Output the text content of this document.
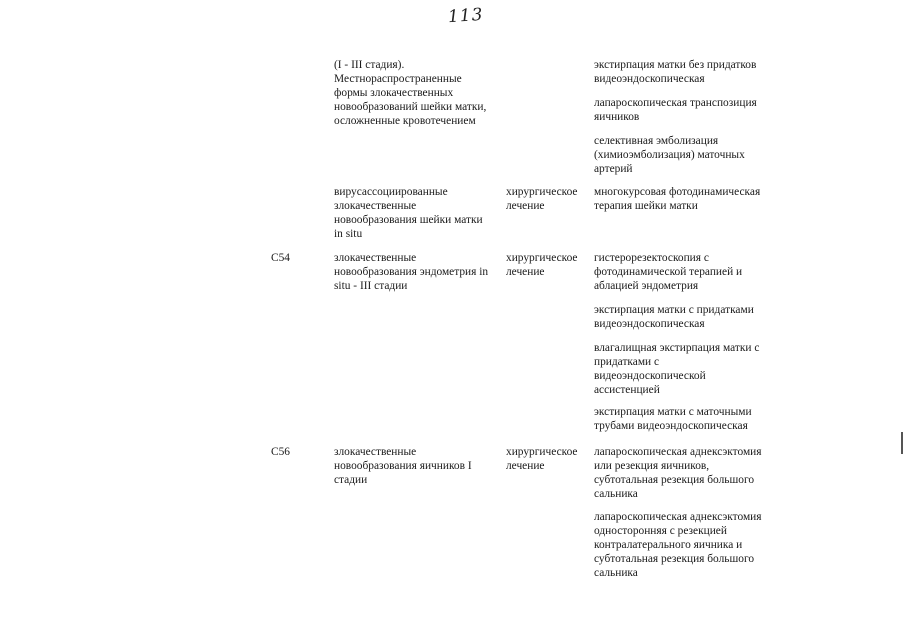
113
(I - III стадия).
Местнораспространенные
формы злокачественных
новообразований шейки матки,
осложненные кровотечением
экстирпация матки без придатков
видеоэндоскопическая
лапароскопическая транспозиция
яичников
селективная эмболизация
(химиоэмболизация) маточных
артерий
вирусассоциированные
злокачественные
новообразования шейки матки
in situ
хирургическое
лечение
многокурсовая фотодинамическая
терапия шейки матки
C54	злокачественные
новообразования эндометрия in
situ - III стадии
хирургическое
лечение
гистерорезектоскопия с
фотодинамической терапией и
аблацией эндометрия
экстирпация матки с придатками
видеоэндоскопическая
влагалищная экстирпация матки с
придатками с
видеоэндоскопической
ассистенцией
экстирпация матки с маточными
трубами видеоэндоскопическая
C56	злокачественные
новообразования яичников I
стадии
хирургическое
лечение
лапароскопическая аднексэктомия
или резекция яичников,
субтотальная резекция большого
сальника
лапароскопическая аднексэктомия
односторонняя с резекцией
контралатерального яичника и
субтотальная резекция большого
сальника
